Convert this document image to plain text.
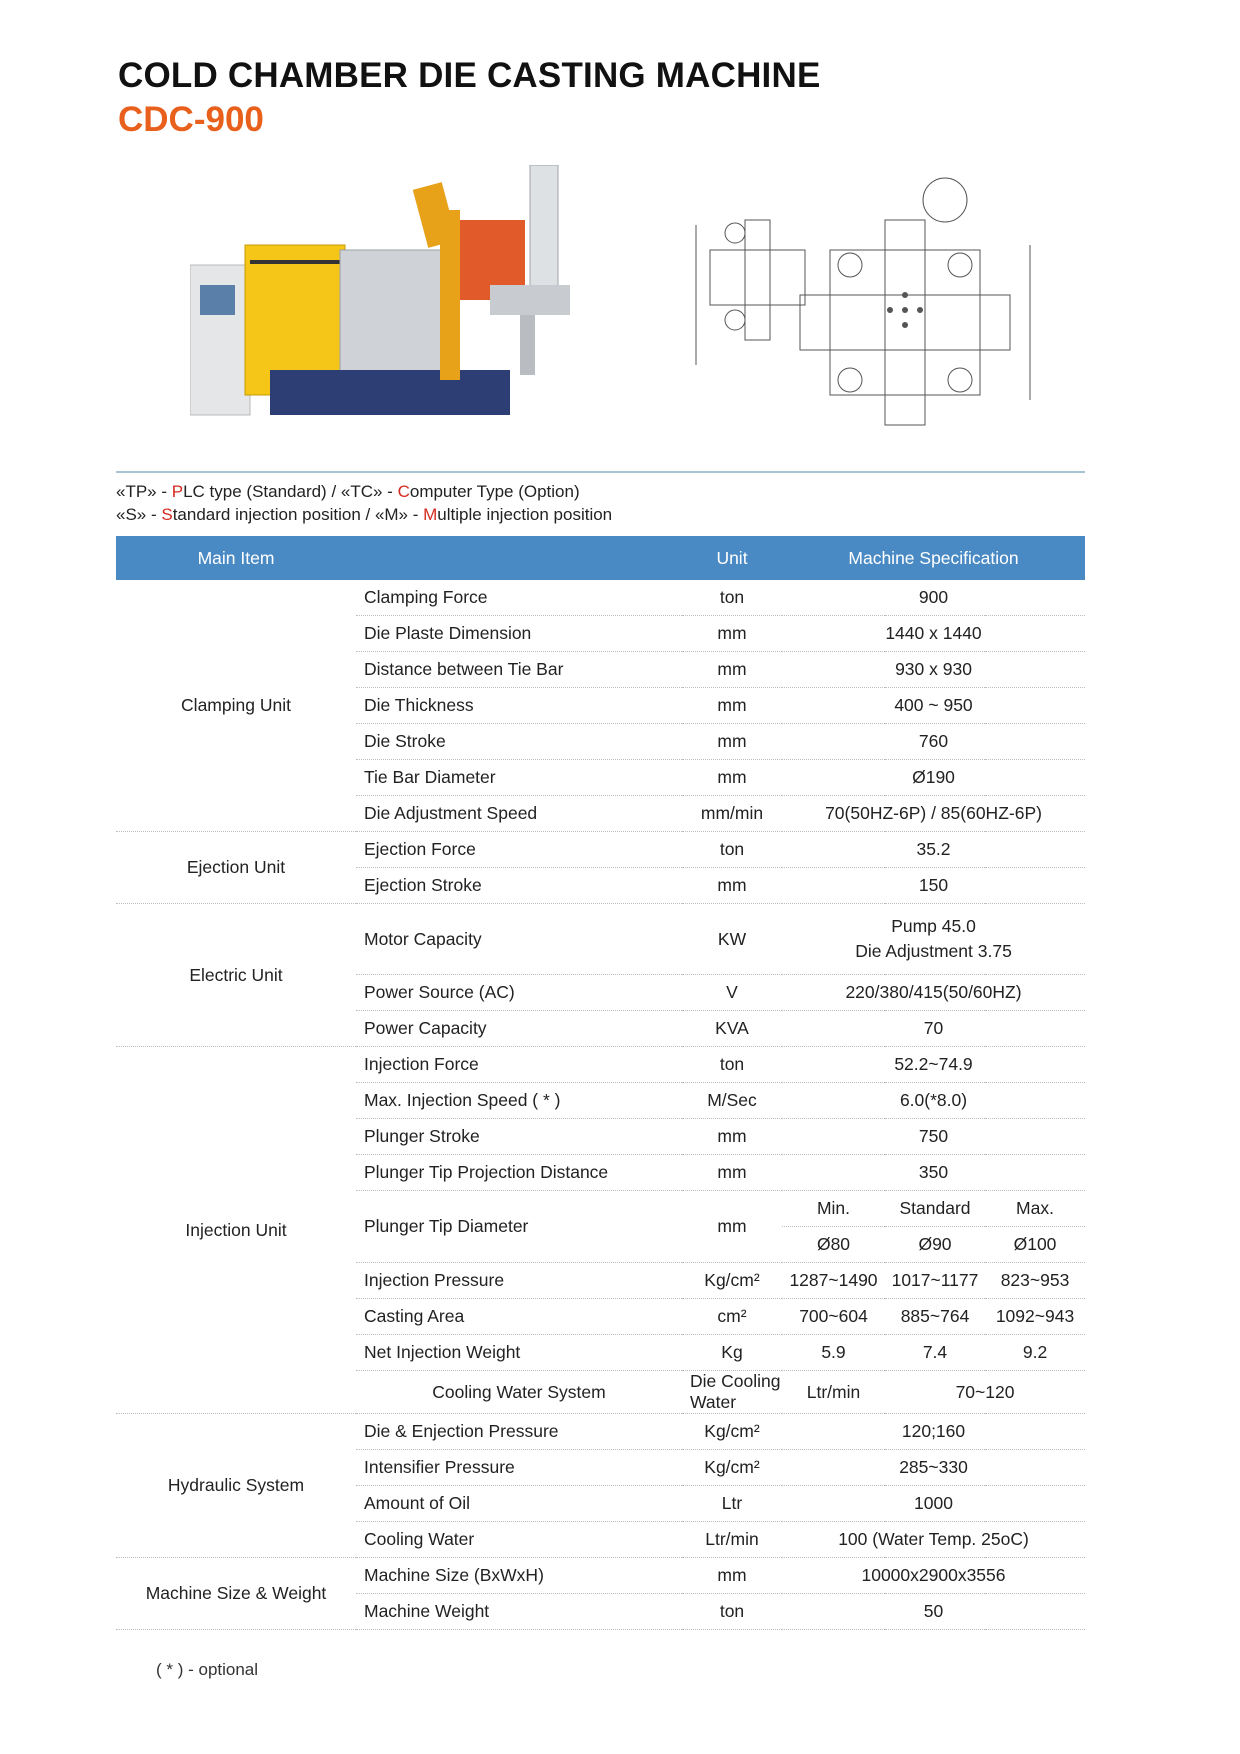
COLD CHAMBER DIE CASTING MACHINE
CDC-900
«TP» - PLC type (Standard) / «TC» - Computer Type (Option)
«S» - Standard injection position / «M» - Multiple injection position
Main Item		Unit	Machine Specification		
Clamping Unit	Clamping Force	ton	900		
	Die Plaste Dimension	mm	1440 x 1440		
	Distance between Tie Bar	mm	930 x 930		
	Die Thickness	mm	400 ~ 950		
	Die Stroke	mm	760		
	Tie Bar Diameter	mm	Ø190		
	Die Adjustment Speed	mm/min	70(50HZ-6P) / 85(60HZ-6P)		
Ejection Unit	Ejection Force	ton	35.2		
	Ejection Stroke	mm	150		
Electric Unit	Motor Capacity	KW	Pump 45.0
Die Adjustment 3.75		

	Power Source (AC)	V	220/380/415(50/60HZ)		
	Power Capacity	KVA	70		
Injection Unit	Injection Force	ton	52.2~74.9		
	Max. Injection Speed ( * )	M/Sec	6.0(*8.0)		
	Plunger Stroke	mm	750		
	Plunger Tip Projection Distance	mm	350		
	Plunger Tip Diameter	mm	Min.	Standard	Max.
			Ø80	Ø90	Ø100
	Injection Pressure	Kg/cm²	1287~1490	1017~1177	823~953
	Casting Area	cm²	700~604	885~764	1092~943
	Net Injection Weight	Kg	5.9	7.4	9.2
	Cooling Water System	Die Cooling Water	Ltr/min	70~120	
Hydraulic System	Die & Enjection Pressure	Kg/cm²	120;160		
	Intensifier Pressure	Kg/cm²	285~330		
	Amount of Oil	Ltr	1000		
	Cooling Water	Ltr/min	100 (Water Temp. 25oC)		
Machine Size & Weight	Machine Size (BxWxH)	mm	10000x2900x3556		
	Machine Weight	ton	50		
( * ) - optional
